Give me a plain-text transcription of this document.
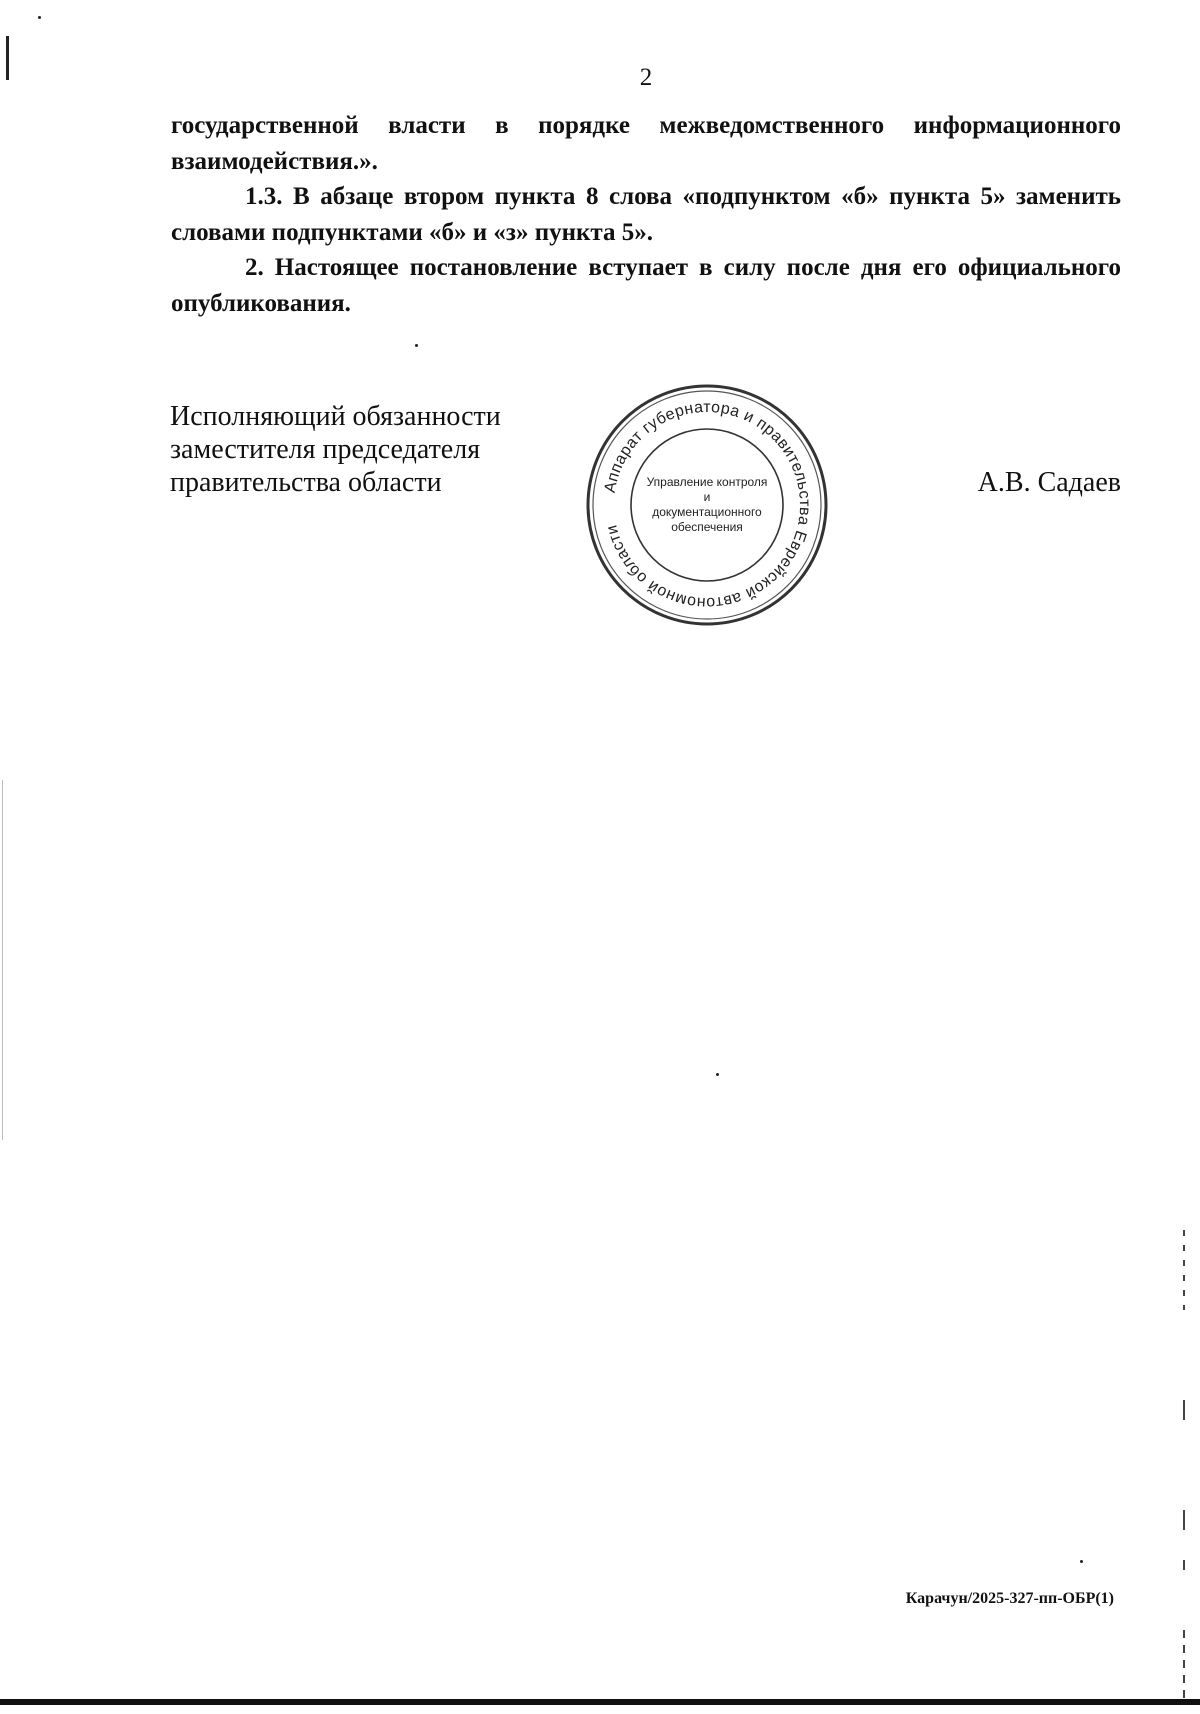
2

государственной власти в порядке межведомственного информационного взаимодействия.».

1.3. В абзаце втором пункта 8 слова «подпунктом «б» пункта 5» заменить словами подпунктами «б» и «з» пункта 5».

2. Настоящее постановление вступает в силу после дня его официального опубликования.

Исполняющий обязанности
заместителя председателя
правительства области	Аппарат губернатора и правительства Еврейской автономной области
Управление контроля и
документационного
обеспечения
А.В. Садаев
Карачун/2025-327-пп-ОБР(1)
